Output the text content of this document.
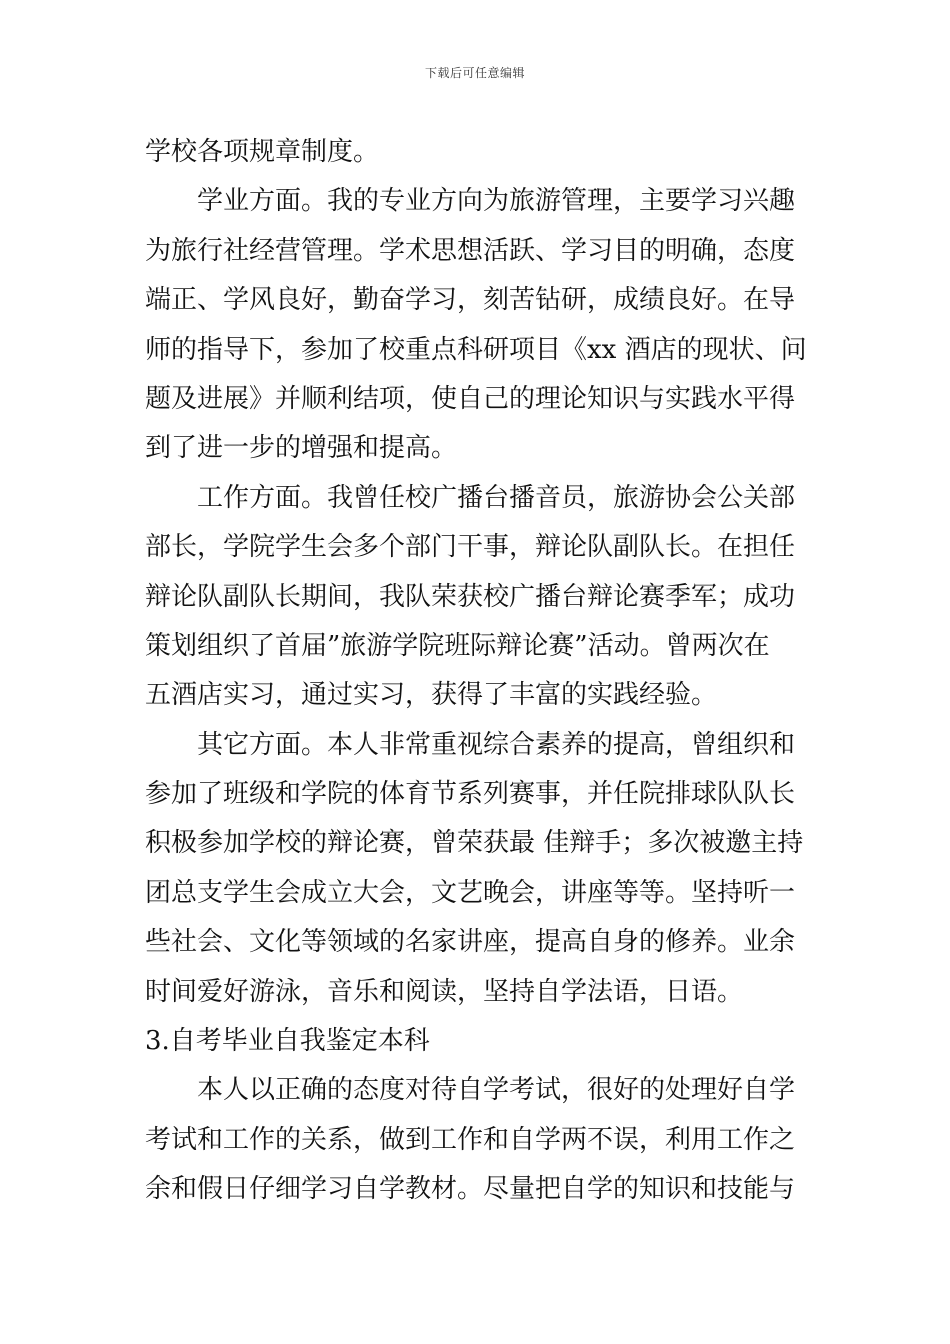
下载后可任意编辑
学校各项规章制度。
学业方面。我的专业方向为旅游管理，主要学习兴趣
为旅行社经营管理。学术思想活跃、学习目的明确，态度
端正、学风良好，勤奋学习，刻苦钻研，成绩良好。在导
师的指导下，参加了校重点科研项目《xx 酒店的现状、问
题及进展》并顺利结项，使自己的理论知识与实践水平得
到了进一步的增强和提高。
工作方面。我曾任校广播台播音员，旅游协会公关部
部长，学院学生会多个部门干事，辩论队副队长。在担任
辩论队副队长期间，我队荣获校广播台辩论赛季军；成功
策划组织了首届”旅游学院班际辩论赛”活动。曾两次在
五酒店实习，通过实习，获得了丰富的实践经验。
其它方面。本人非常重视综合素养的提高，曾组织和
参加了班级和学院的体育节系列赛事，并任院排球队队长
积极参加学校的辩论赛，曾荣获最 佳辩手；多次被邀主持
团总支学生会成立大会，文艺晚会，讲座等等。坚持听一
些社会、文化等领域的名家讲座，提高自身的修养。业余
时间爱好游泳，音乐和阅读，坚持自学法语，日语。
3.自考毕业自我鉴定本科
本人以正确的态度对待自学考试，很好的处理好自学
考试和工作的关系，做到工作和自学两不误，利用工作之
余和假日仔细学习自学教材。尽量把自学的知识和技能与
